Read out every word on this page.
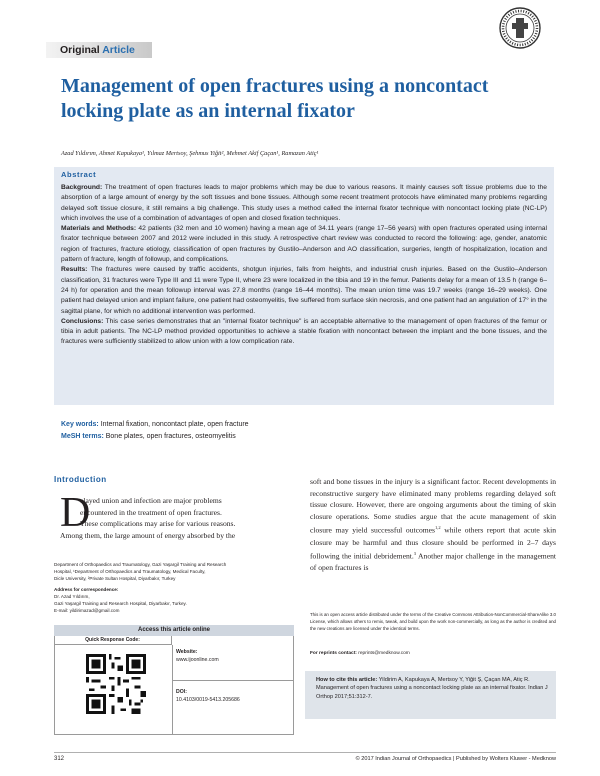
Original Article
Management of open fractures using a noncontact
locking plate as an internal fixator
Azad Yıldırım, Ahmet Kapukaya¹, Yılmaz Mertsoy, Şehmus Yiğit², Mehmet Akif Çaçan¹, Ramazan Atiç¹
Abstract

Background: The treatment of open fractures leads to major problems which may be due to various reasons. It mainly causes soft tissue problems due to the absorption of a large amount of energy by the soft tissues and bone tissues. Although some recent treatment protocols have eliminated many problems regarding delayed soft tissue closure, it still remains a big challenge. This study uses a method called the internal fixator technique with noncontact locking plate (NC-LP) which involves the use of a combination of advantages of open and closed fixation techniques.

Materials and Methods: 42 patients (32 men and 10 women) having a mean age of 34.11 years (range 17–56 years) with open fractures operated using internal fixator technique between 2007 and 2012 were included in this study. A retrospective chart review was conducted to record the following: age, gender, anatomic region of fractures, fracture etiology, classification of open fractures by Gustilo–Anderson and AO classification, surgeries, length of hospitalization, location and pattern of fracture, length of followup, and complications.

Results: The fractures were caused by traffic accidents, shotgun injuries, falls from heights, and industrial crush injuries. Based on the Gustilo–Anderson classification, 31 fractures were Type III and 11 were Type II, where 23 were localized in the tibia and 19 in the femur. Patients delay for a mean of 13.5 h (range 6–24 h) for operation and the mean followup interval was 27.8 months (range 16–44 months). The mean union time was 19.7 weeks (range 16–29 weeks). One patient had delayed union and implant failure, one patient had osteomyelitis, five suffered from surface skin necrosis, and one patient had an angulation of 17° in the sagittal plane, for which no additional intervention was performed.

Conclusions: This case series demonstrates that an "internal fixator technique" is an acceptable alternative to the management of open fractures of the femur or tibia in adult patients. The NC-LP method provided opportunities to achieve a stable fixation with noncontact between the implant and the bone tissues, and the fractures were sufficiently stabilized to allow union with a low complication rate.

Key words: Internal fixation, noncontact plate, open fracture
MeSH terms: Bone plates, open fractures, osteomyelitis
Introduction
D
elayed union and infection are major problems
encountered in the treatment of open fractures.
These complications may arise for various reasons.
Among them, the large amount of energy absorbed by the
Department of Orthopaedics and Traumatology, Gazi Yaşargil Training and Research
Hospital, ¹Department of Orthopaedics and Traumatology, Medical Faculty,
Dicle University, ²Private Sultan Hospital, Diyarbakır, Turkey
Address for correspondence:
Dr. Azad Yıldırım,
Gazi Yaşargil Training and Research Hospital, Diyarbakır, Turkey.
E-mail: yildirimazad@gmail.com
Access this article online
Quick Response Code:
Website:
www.ijoonline.com
DOI:
10.4103/0019-5413.205686

soft and bone tissues in the injury is a significant factor. Recent developments in reconstructive surgery have eliminated many problems regarding delayed soft tissue closure. However, there are ongoing arguments about the timing of skin closure operations. Some studies argue that the acute management of skin closure may yield successful outcomes$^{1,2}$ while others report that acute skin closure may be harmful and thus closure should be performed in 2–7 days following the initial debridement.$^3$ Another major challenge in the management of open fractures is

This is an open access article distributed under the terms of the Creative Commons Attribution-NonCommercial-ShareAlike 3.0 License, which allows others to remix, tweak, and build upon the work non-commercially, as long as the author is credited and the new creations are licensed under the identical terms.
For reprints contact: reprints@medknow.com
How to cite this article: Yildirim A, Kapukaya A, Mertsoy Y, Yiğit Ş, Çaçan MA, Atiç R. Management of open fractures using a noncontact locking plate as an internal fixator. Indian J Orthop 2017;51:312-7.
312	© 2017 Indian Journal of Orthopaedics | Published by Wolters Kluwer - Medknow
